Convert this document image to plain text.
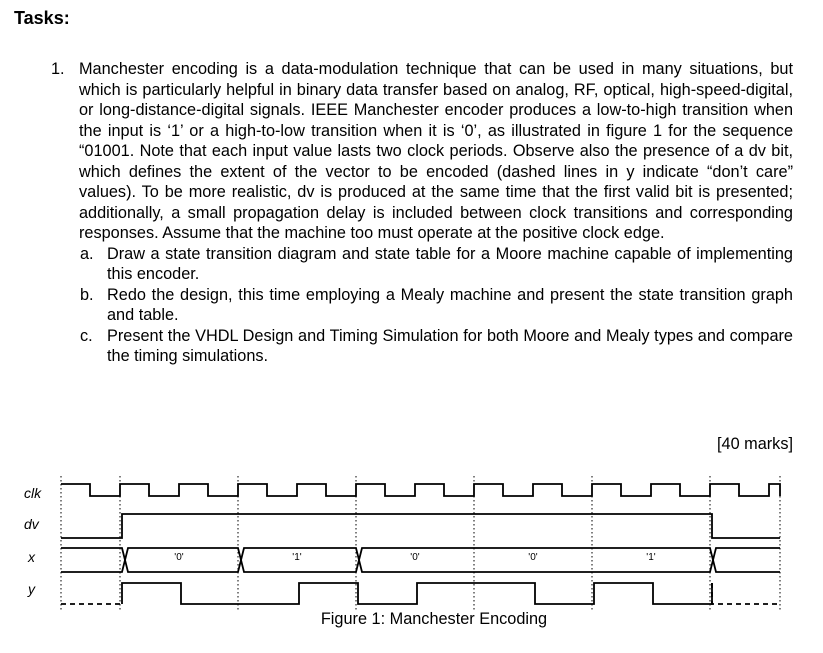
Tasks:
1. Manchester encoding is a data-modulation technique that can be used in many situations, but which is particularly helpful in binary data transfer based on analog, RF, optical, high-speed-digital, or long-distance-digital signals. IEEE Manchester encoder produces a low-to-high transition when the input is ‘1’ or a high-to-low transition when it is ‘0’, as illustrated in figure 1 for the sequence “01001. Note that each input value lasts two clock periods. Observe also the presence of a dv bit, which defines the extent of the vector to be encoded (dashed lines in y indicate “don’t care” values). To be more realistic, dv is produced at the same time that the first valid bit is presented; additionally, a small propagation delay is included between clock transitions and corresponding responses. Assume that the machine too must operate at the positive clock edge.
a. Draw a state transition diagram and state table for a Moore machine capable of implementing this encoder.
b. Redo the design, this time employing a Mealy machine and present the state transition graph and table.
c. Present the VHDL Design and Timing Simulation for both Moore and Mealy types and compare the timing simulations.
[40 marks]
clk
dv
x
y
'0'	'1'	'0'	'0'	'1'
Figure 1: Manchester Encoding
